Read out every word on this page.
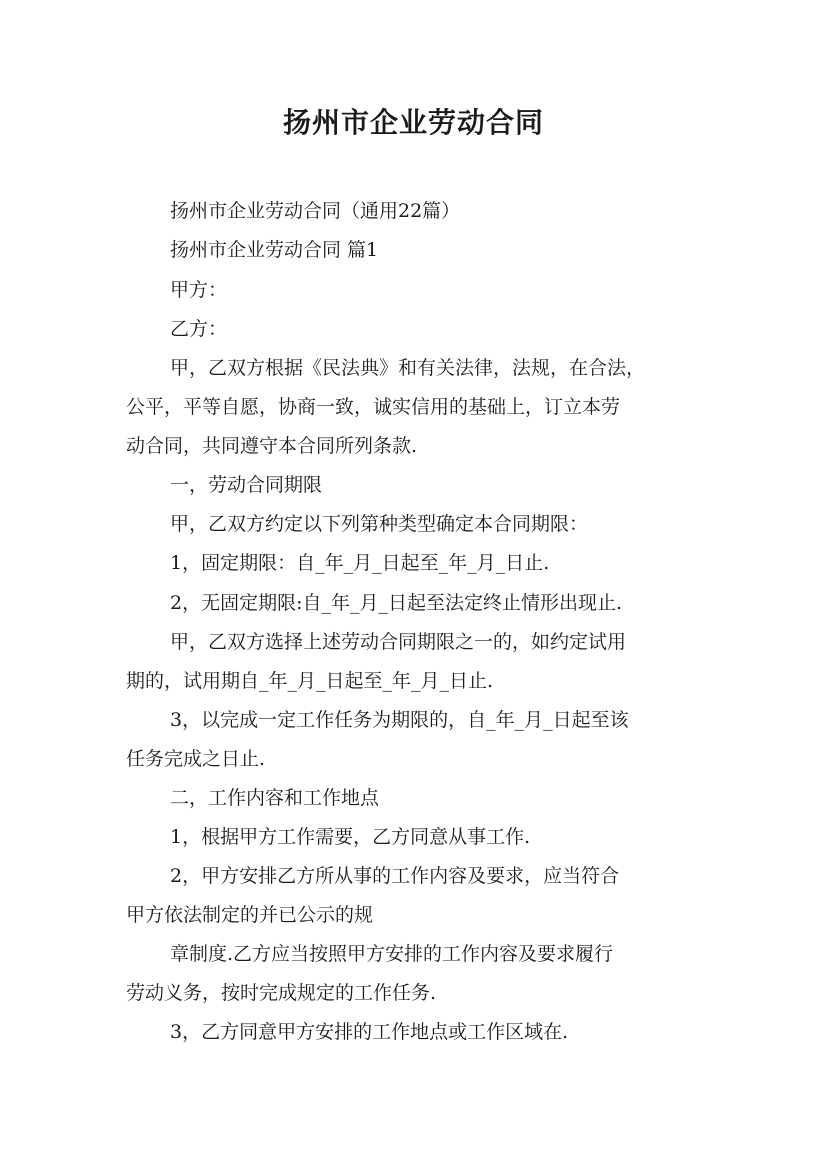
扬州市企业劳动合同
扬州市企业劳动合同（通用22篇）
扬州市企业劳动合同 篇1
甲方：
乙方：
甲，乙双方根据《民法典》和有关法律，法规，在合法，
公平，平等自愿，协商一致，诚实信用的基础上，订立本劳
动合同，共同遵守本合同所列条款.
一，劳动合同期限
甲，乙双方约定以下列第种类型确定本合同期限：
1，固定期限：自_年_月_日起至_年_月_日止.
2，无固定期限:自_年_月_日起至法定终止情形出现止.
甲，乙双方选择上述劳动合同期限之一的，如约定试用
期的，试用期自_年_月_日起至_年_月_日止.
3，以完成一定工作任务为期限的，自_年_月_日起至该
任务完成之日止.
二，工作内容和工作地点
1，根据甲方工作需要，乙方同意从事工作.
2，甲方安排乙方所从事的工作内容及要求，应当符合
甲方依法制定的并已公示的规
章制度.乙方应当按照甲方安排的工作内容及要求履行
劳动义务，按时完成规定的工作任务.
3，乙方同意甲方安排的工作地点或工作区域在.
